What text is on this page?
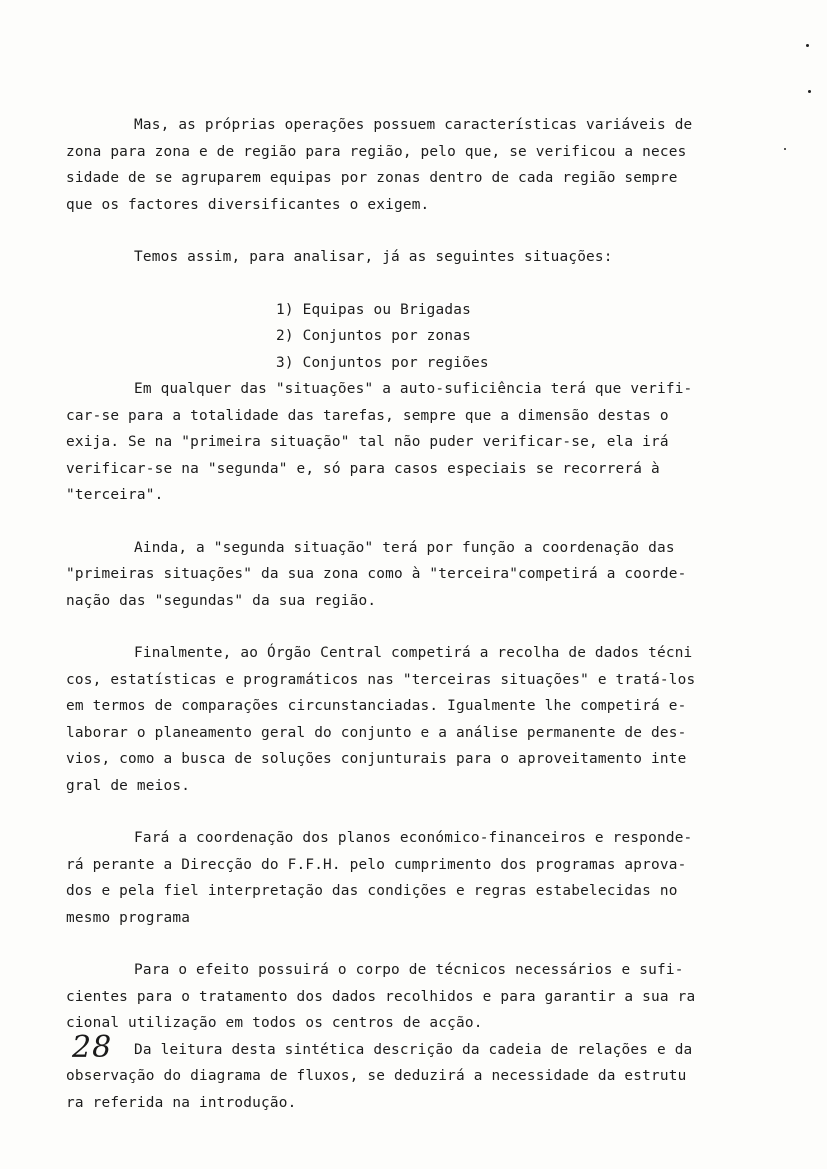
Mas, as próprias operações possuem características variáveis de
zona para zona e de região para região, pelo que, se verificou a neces
sidade de se agruparem equipas por zonas dentro de cada região sempre
que os factores diversificantes o exigem.
Temos assim, para analisar, já as seguintes situações:
1) Equipas ou Brigadas
2) Conjuntos por zonas
3) Conjuntos por regiões
Em qualquer das "situações" a auto-suficiência terá que verifi-
car-se para a totalidade das tarefas, sempre que a dimensão destas o
exija. Se na "primeira situação" tal não puder verificar-se, ela irá
verificar-se na "segunda" e, só para casos especiais se recorrerá à
"terceira".
Ainda, a "segunda situação" terá por função a coordenação das
"primeiras situações" da sua zona como à "terceira"competirá a coorde-
nação das "segundas" da sua região.
Finalmente, ao Órgão Central competirá a recolha de dados técni
cos, estatísticas e programáticos nas "terceiras situações" e tratá-los
em termos de comparações circunstanciadas. Igualmente lhe competirá e-
laborar o planeamento geral do conjunto e a análise permanente de des-
vios, como a busca de soluções conjunturais para o aproveitamento inte
gral de meios.
Fará a coordenação dos planos económico-financeiros e responde-
rá perante a Direcção do F.F.H. pelo cumprimento dos programas aprova-
dos e pela fiel interpretação das condições e regras estabelecidas no
mesmo programa
Para o efeito possuirá o corpo de técnicos necessários e sufi-
cientes para o tratamento dos dados recolhidos e para garantir a sua ra
cional utilização em todos os centros de acção.
Da leitura desta sintética descrição da cadeia de relações e da
observação do diagrama de fluxos, se deduzirá a necessidade da estrutu
ra referida na introdução.
28
